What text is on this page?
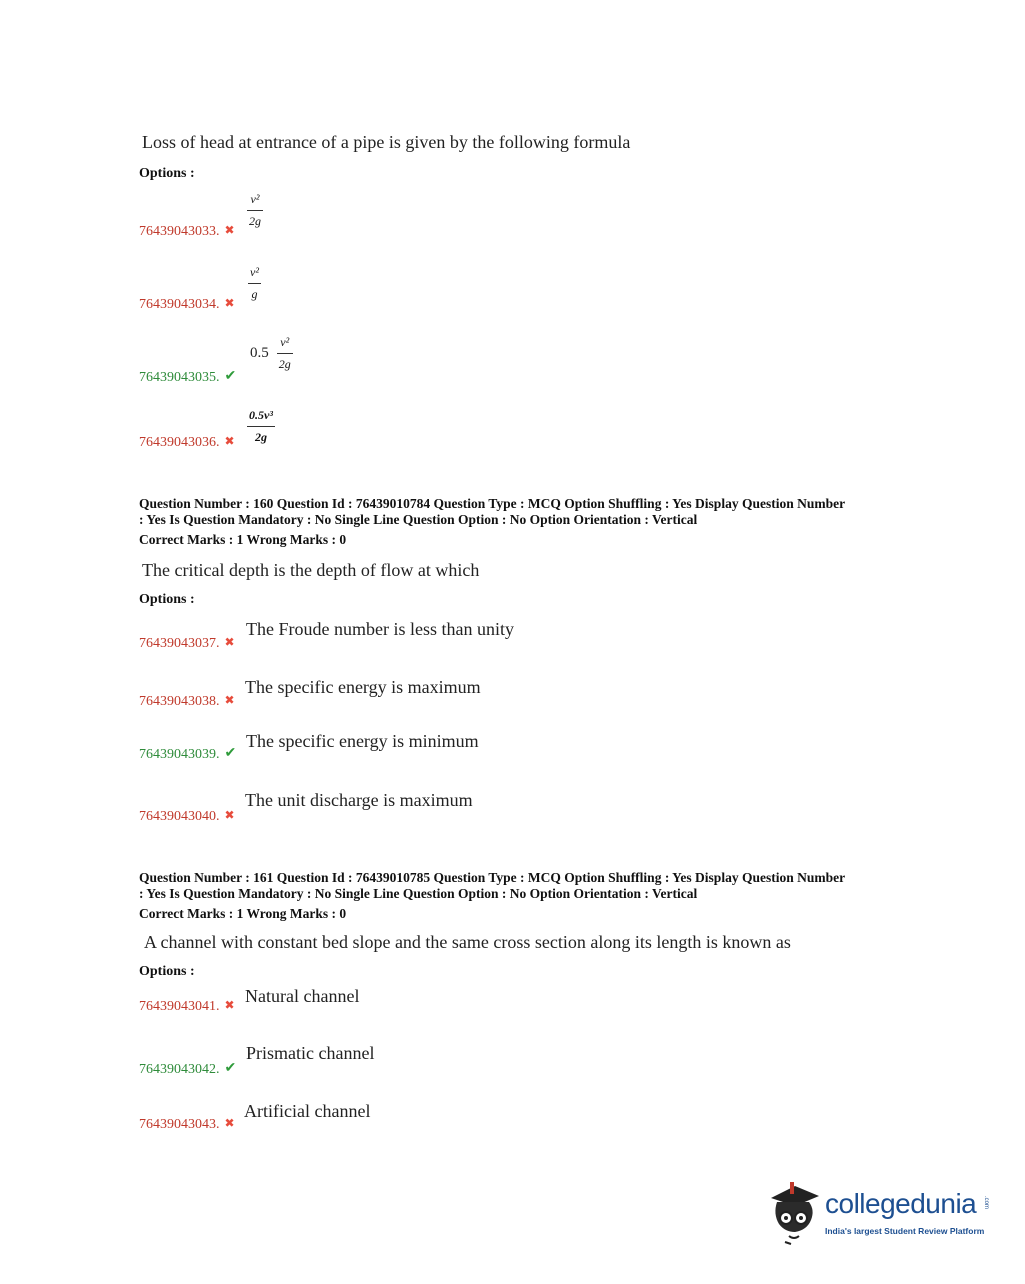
Loss of head at entrance of a pipe is given by the following formula
Options :
$\frac{\text{v²}}{2g}$
76439043033. ✖
$\frac{\text{v²}}{g}$
76439043034. ✖
$0.5 \frac{\text{v²}}{2g}$
76439043035. ✔
$\frac{\text{0.5v³}}{2g}$
76439043036. ✖
Question Number : 160 Question Id : 76439010784 Question Type : MCQ Option Shuffling : Yes Display Question Number
: Yes Is Question Mandatory : No Single Line Question Option : No Option Orientation : Vertical
Correct Marks : 1 Wrong Marks : 0
The critical depth is the depth of flow at which
Options :
The Froude number is less than unity
76439043037. ✖
The specific energy is maximum
76439043038. ✖
The specific energy is minimum
76439043039. ✔
The unit discharge is maximum
76439043040. ✖
Question Number : 161 Question Id : 76439010785 Question Type : MCQ Option Shuffling : Yes Display Question Number
: Yes Is Question Mandatory : No Single Line Question Option : No Option Orientation : Vertical
Correct Marks : 1 Wrong Marks : 0
A channel with constant bed slope and the same cross section along its length is known as
Options :
Natural channel
76439043041. ✖
Prismatic channel
76439043042. ✔
Artificial channel
76439043043. ✖
collegedunia .com
India's largest Student Review Platform
